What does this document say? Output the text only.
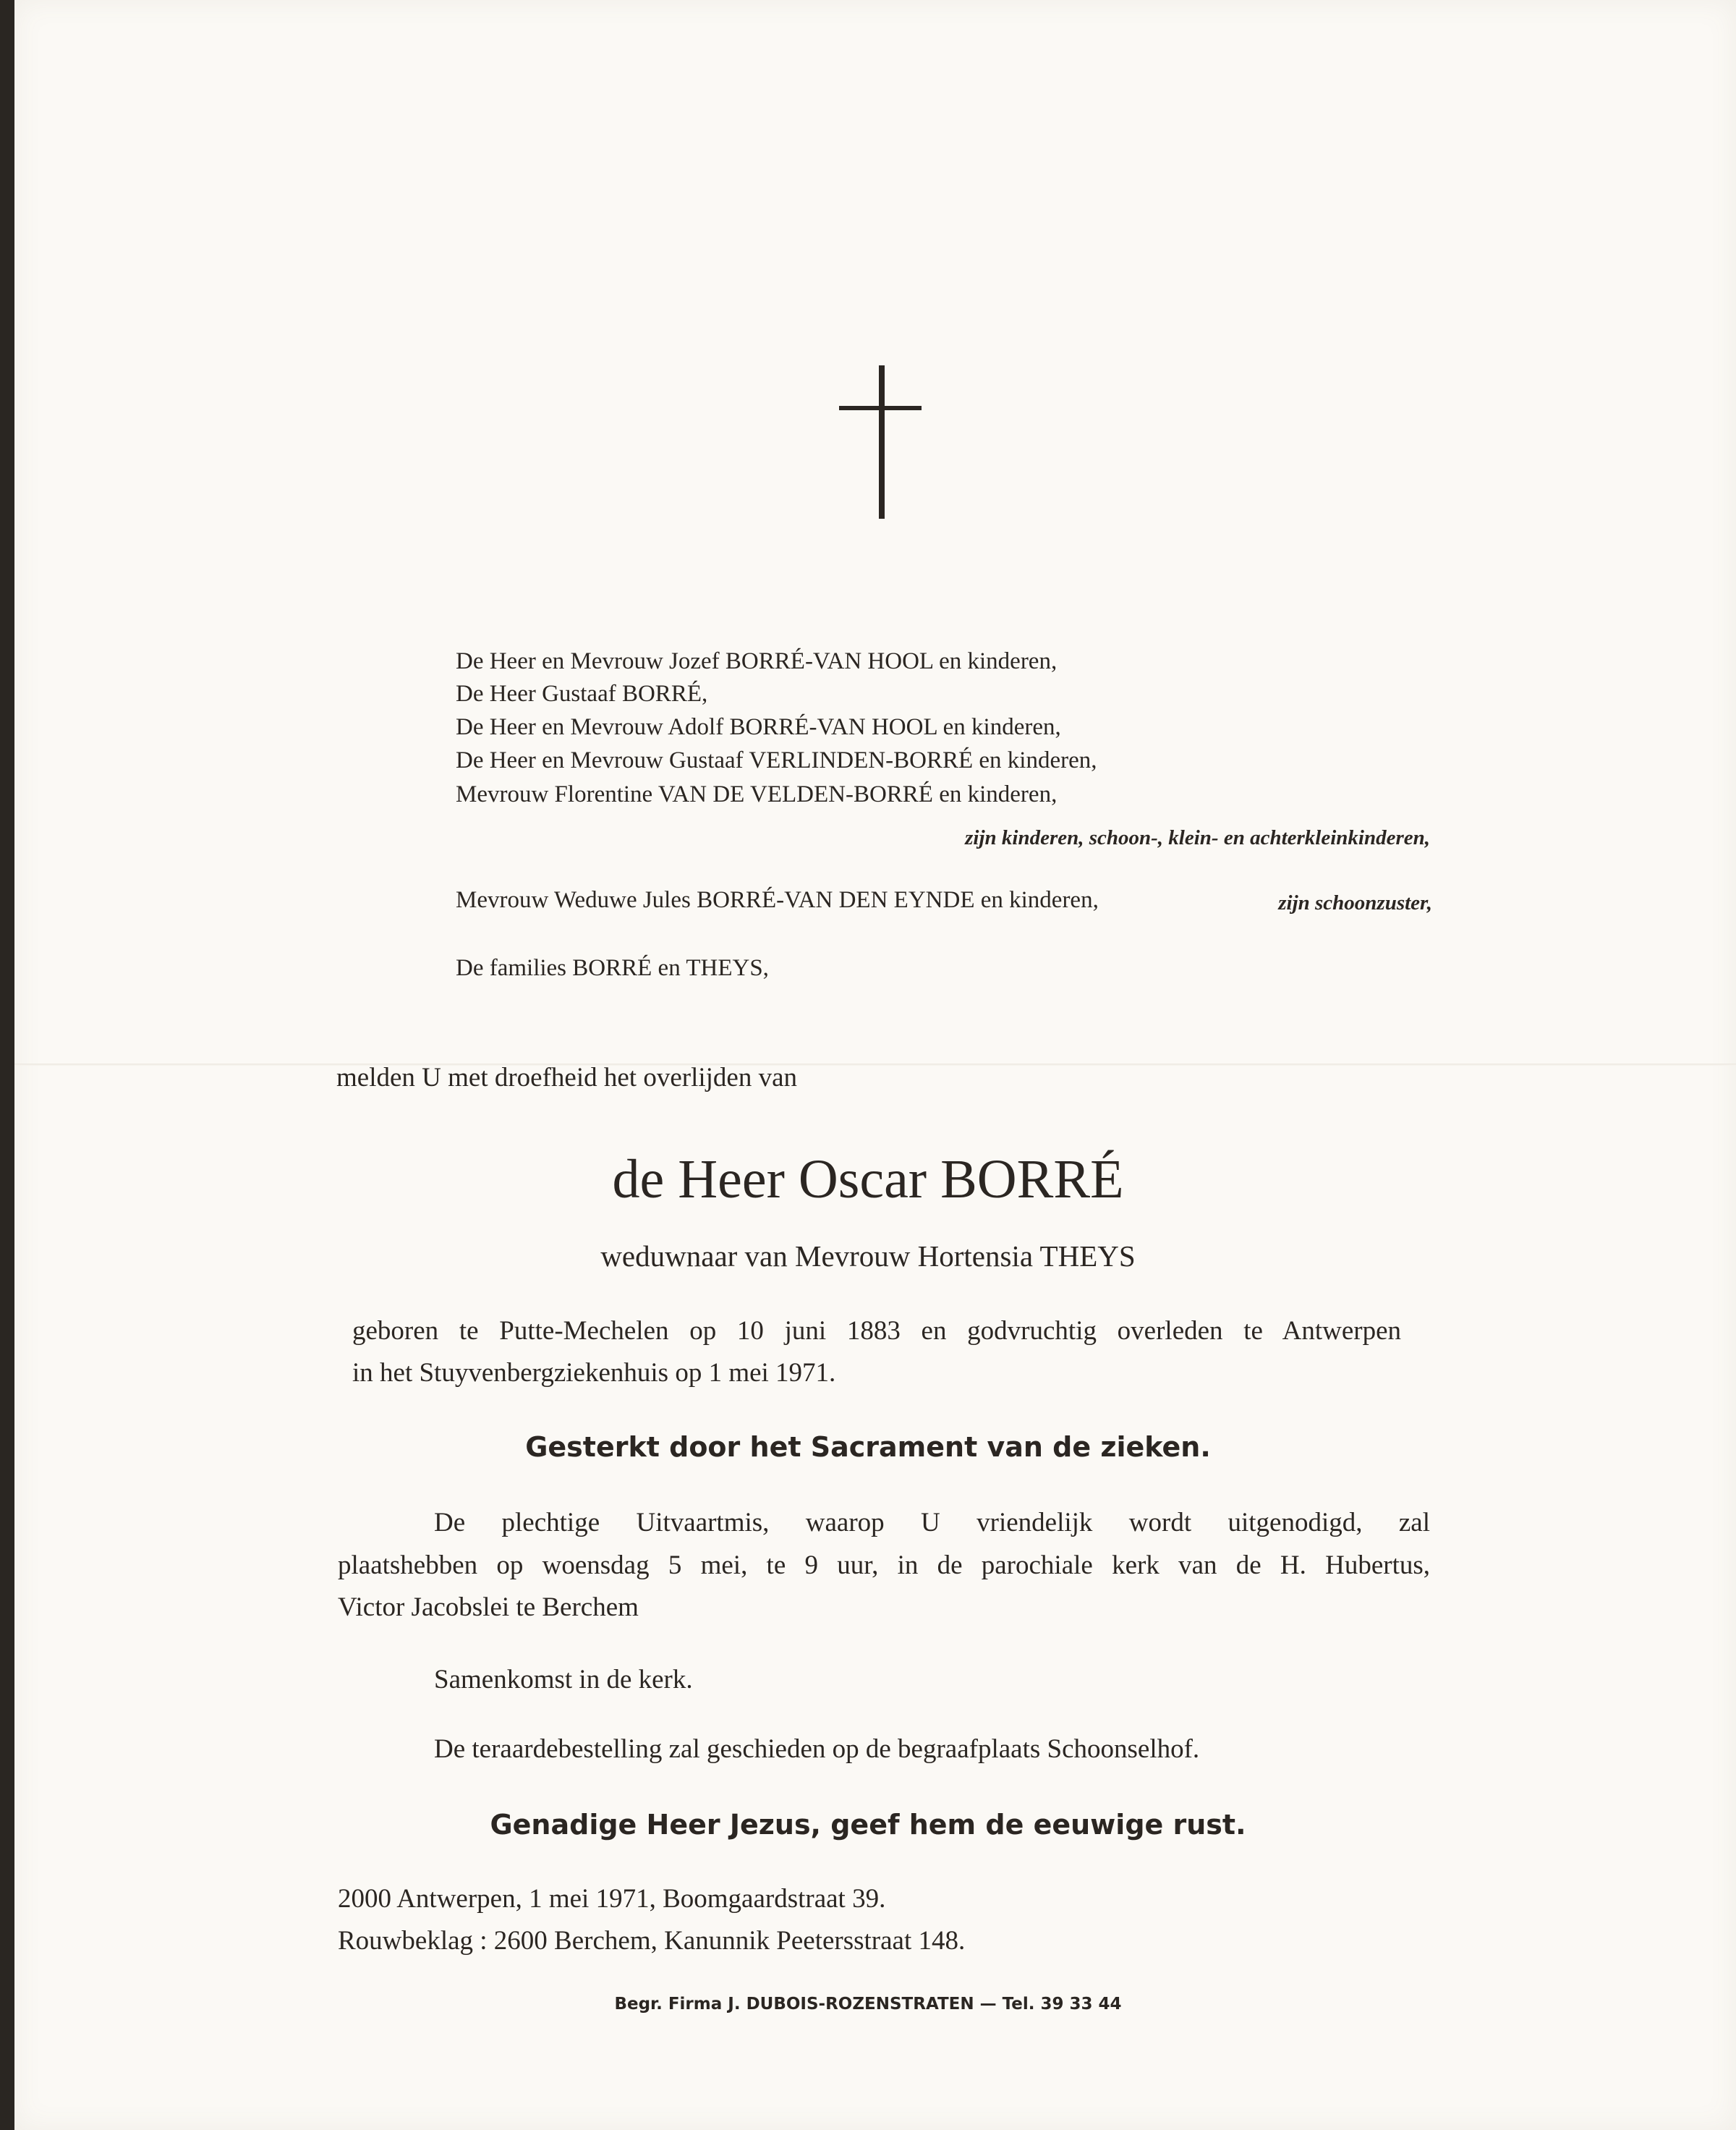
De Heer en Mevrouw Jozef BORRÉ-VAN HOOL en kinderen,
De Heer Gustaaf BORRÉ,
De Heer en Mevrouw Adolf BORRÉ-VAN HOOL en kinderen,
De Heer en Mevrouw Gustaaf VERLINDEN-BORRÉ en kinderen,
Mevrouw Florentine VAN DE VELDEN-BORRÉ en kinderen,
zijn kinderen, schoon-, klein- en achterkleinkinderen,
Mevrouw Weduwe Jules BORRÉ-VAN DEN EYNDE en kinderen,	zijn schoonzuster,
De families BORRÉ en THEYS,
melden U met droefheid het overlijden van
de Heer Oscar BORRÉ
weduwnaar van Mevrouw Hortensia THEYS
geboren te Putte-Mechelen op 10 juni 1883 en godvruchtig overleden te Antwerpen
in het Stuyvenbergziekenhuis op 1 mei 1971.
Gesterkt door het Sacrament van de zieken.
De plechtige Uitvaartmis, waarop U vriendelijk wordt uitgenodigd, zal
plaatshebben op woensdag 5 mei, te 9 uur, in de parochiale kerk van de H. Hubertus,
Victor Jacobslei te Berchem
Samenkomst in de kerk.
De teraardebestelling zal geschieden op de begraafplaats Schoonselhof.
Genadige Heer Jezus, geef hem de eeuwige rust.
2000 Antwerpen, 1 mei 1971, Boomgaardstraat 39.
Rouwbeklag : 2600 Berchem, Kanunnik Peetersstraat 148.
Begr. Firma J. DUBOIS-ROZENSTRATEN — Tel. 39 33 44
